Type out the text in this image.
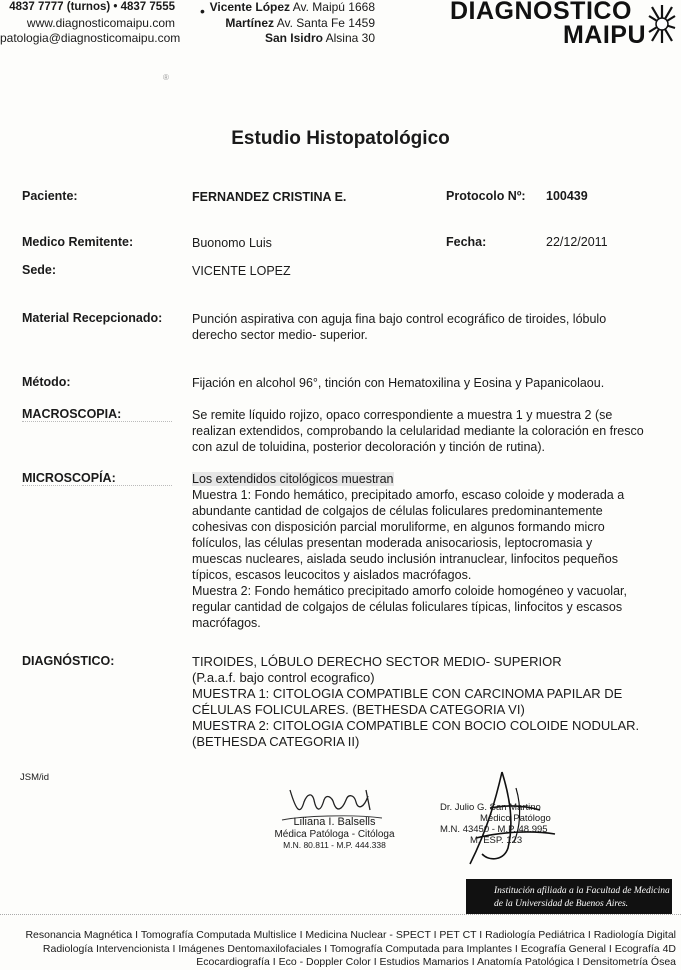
4837 7777 (turnos) • 4837 7555
www.diagnosticomaipu.com
patologia@diagnosticomaipu.com
• Vicente López Av. Maipú 1668
Martínez Av. Santa Fe 1459
San Isidro Alsina 30
DIAGNOSTICO
MAIPU
®
Estudio Histopatológico
Paciente:	FERNANDEZ CRISTINA E.	Protocolo Nº: 100439
Medico Remitente:	Buonomo Luis	Fecha:	22/12/2011
Sede:	VICENTE LOPEZ
Material Recepcionado: Punción aspirativa con aguja fina bajo control ecográfico de tiroides, lóbulo
derecho sector medio- superior.
Método:	Fijación en alcohol 96°, tinción con Hematoxilina y Eosina y Papanicolaou.
MACROSCOPIA:	Se remite líquido rojizo, opaco correspondiente a muestra 1 y muestra 2 (se
realizan extendidos, comprobando la celularidad mediante la coloración en fresco
con azul de toluidina, posterior decoloración y tinción de rutina).
MICROSCOPÍA:	Los extendidos citológicos muestran
Muestra 1: Fondo hemático, precipitado amorfo, escaso coloide y moderada a
abundante cantidad de colgajos de células foliculares predominantemente
cohesivas con disposición parcial moruliforme, en algunos formando micro
folículos, las células presentan moderada anisocariosis, leptocromasia y
muescas nucleares, aislada seudo inclusión intranuclear, linfocitos pequeños
típicos, escasos leucocitos y aislados macrófagos.
Muestra 2: Fondo hemático precipitado amorfo coloide homogéneo y vacuolar,
regular cantidad de colgajos de células foliculares típicas, linfocitos y escasos
macrófagos.
DIAGNÓSTICO:	TIROIDES, LÓBULO DERECHO SECTOR MEDIO- SUPERIOR
(P.a.a.f. bajo control ecografico)
MUESTRA 1: CITOLOGIA COMPATIBLE CON CARCINOMA PAPILAR DE
CÉLULAS FOLICULARES. (BETHESDA CATEGORIA VI)
MUESTRA 2: CITOLOGIA COMPATIBLE CON BOCIO COLOIDE NODULAR.
(BETHESDA CATEGORIA II)
JSM/id
Liliana I. Balsells
Médica Patóloga - Citóloga
M.N. 80.811 - M.P. 444.338
Dr. Julio G. San Martino
Médico Patólogo
M.N. 43450 - M.P. 48.995
M. ESP. 123
Institución afiliada a la Facultad de Medicina
de la Universidad de Buenos Aires.
Resonancia Magnética I Tomografía Computada Multislice I Medicina Nuclear - SPECT I PET CT I Radiología Pediátrica I Radiología Digital
Radiología Intervencionista I Imágenes Dentomaxilofaciales I Tomografía Computada para Implantes I Ecografía General I Ecografía 4D
Ecocardiografía I Eco - Doppler Color I Estudios Mamarios I Anatomía Patológica I Densitometría Ósea
